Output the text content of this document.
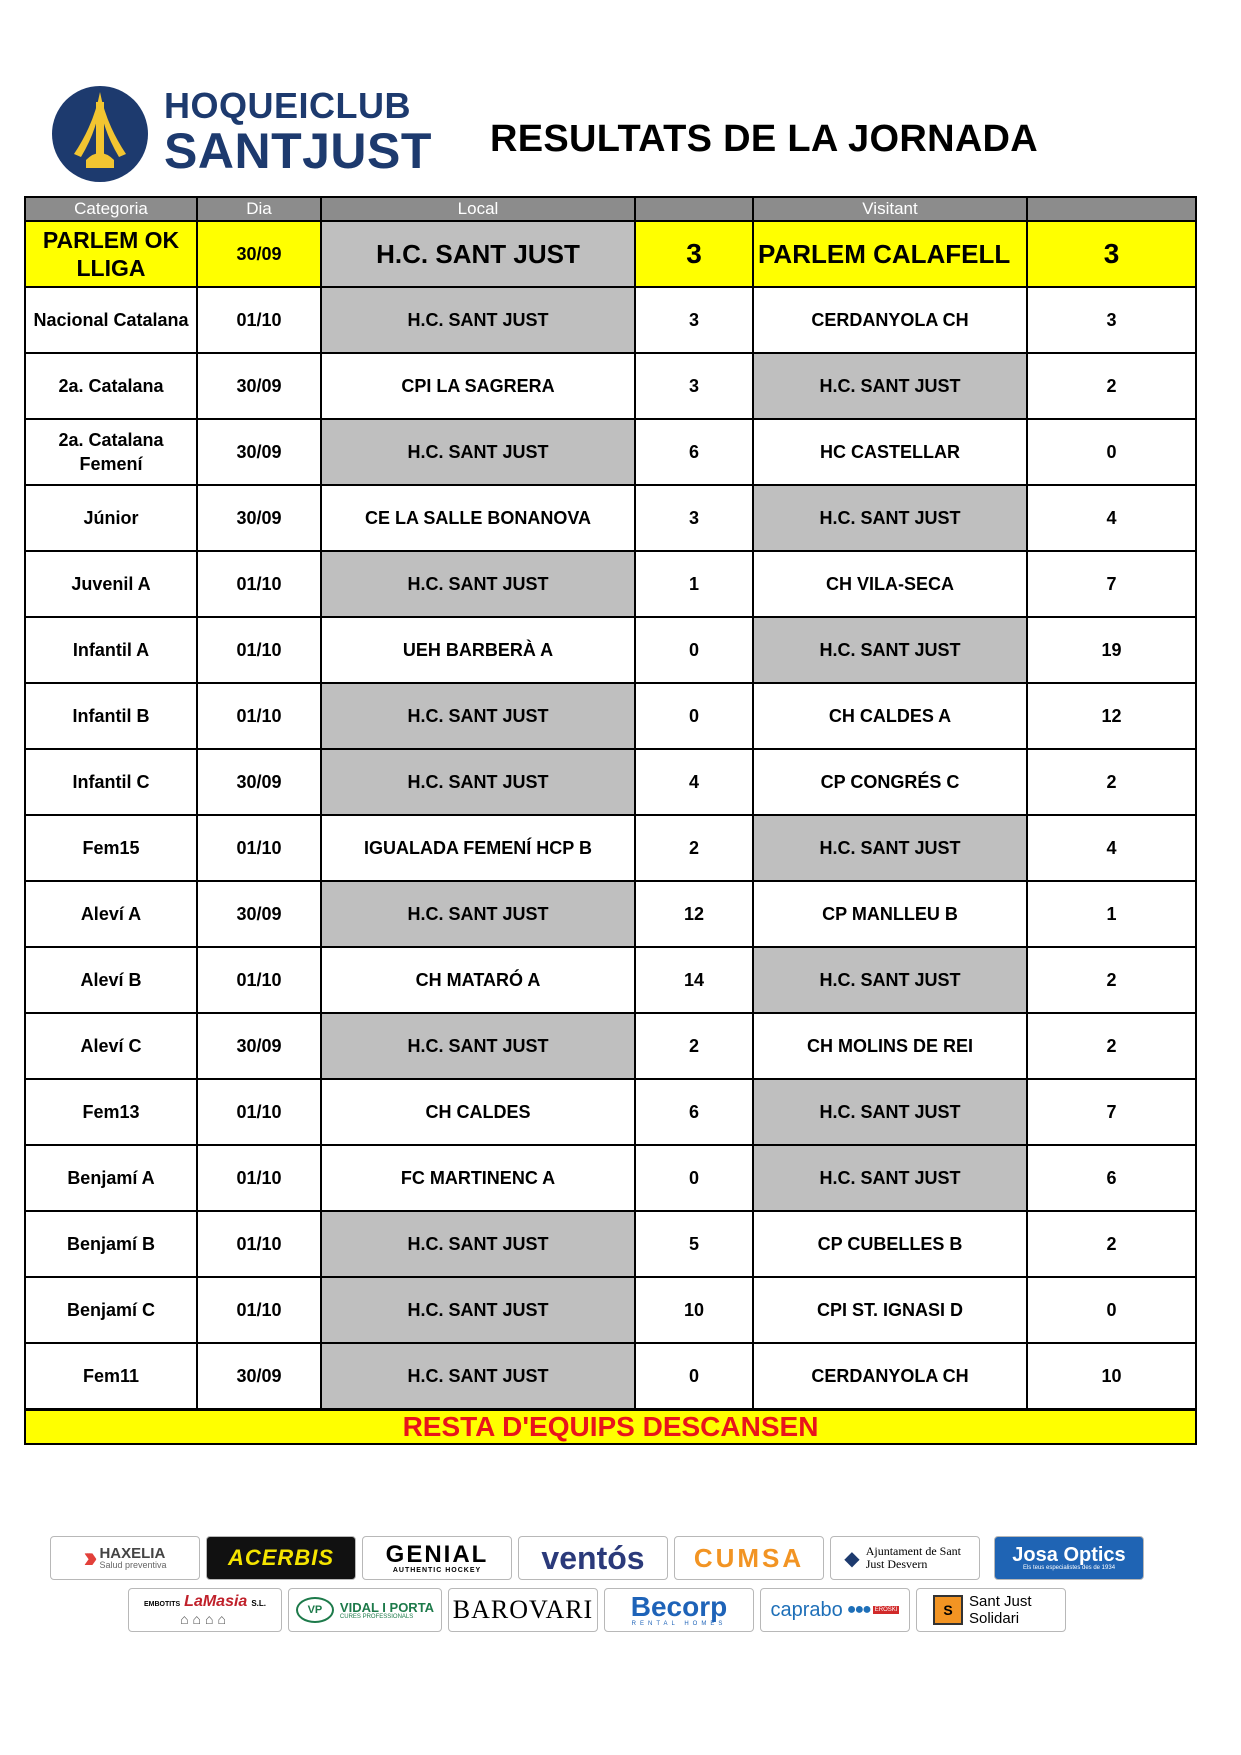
HOQUEICLUB
SANTJUST RESULTATS DE LA JORNADA
Categoria	Dia	Local		Visitant	
PARLEM OK LLIGA	30/09	H.C. SANT JUST	3	PARLEM CALAFELL	3
Nacional Catalana	01/10	H.C. SANT JUST	3	CERDANYOLA CH	3
2a. Catalana	30/09	CPI LA SAGRERA	3	H.C. SANT JUST	2
2a. Catalana Femení	30/09	H.C. SANT JUST	6	HC CASTELLAR	0
Júnior	30/09	CE LA SALLE BONANOVA	3	H.C. SANT JUST	4
Juvenil A	01/10	H.C. SANT JUST	1	CH VILA-SECA	7
Infantil A	01/10	UEH BARBERÀ A	0	H.C. SANT JUST	19
Infantil B	01/10	H.C. SANT JUST	0	CH CALDES A	12
Infantil C	30/09	H.C. SANT JUST	4	CP CONGRÉS C	2
Fem15	01/10	IGUALADA FEMENÍ HCP B	2	H.C. SANT JUST	4
Aleví A	30/09	H.C. SANT JUST	12	CP MANLLEU B	1
Aleví B	01/10	CH MATARÓ A	14	H.C. SANT JUST	2
Aleví C	30/09	H.C. SANT JUST	2	CH MOLINS DE REI	2
Fem13	01/10	CH CALDES	6	H.C. SANT JUST	7
Benjamí A	01/10	FC MARTINENC A	0	H.C. SANT JUST	6
Benjamí B	01/10	H.C. SANT JUST	5	CP CUBELLES B	2
Benjamí C	01/10	H.C. SANT JUST	10	CPI ST. IGNASI D	0
Fem11	30/09	H.C. SANT JUST	0	CERDANYOLA CH	10
RESTA D'EQUIPS DESCANSEN					
››› HAXELIA
Salud preventiva	ACERBIS GENIAL
AUTHENTIC HOCKEY ventós CUMSA ◆ Ajuntament de Sant Just Desvern	Josa Optics
Els teus especialistes des de 1934
EMBOTITS LaMasia S.L.
⌂⌂⌂⌂
VP	VIDAL I PORTA
CURES PROFESSIONALS	BAROVARI Becorp
RENTAL HOMES
caprabo ●●● EROSKI	S	Sant Just Solidari
